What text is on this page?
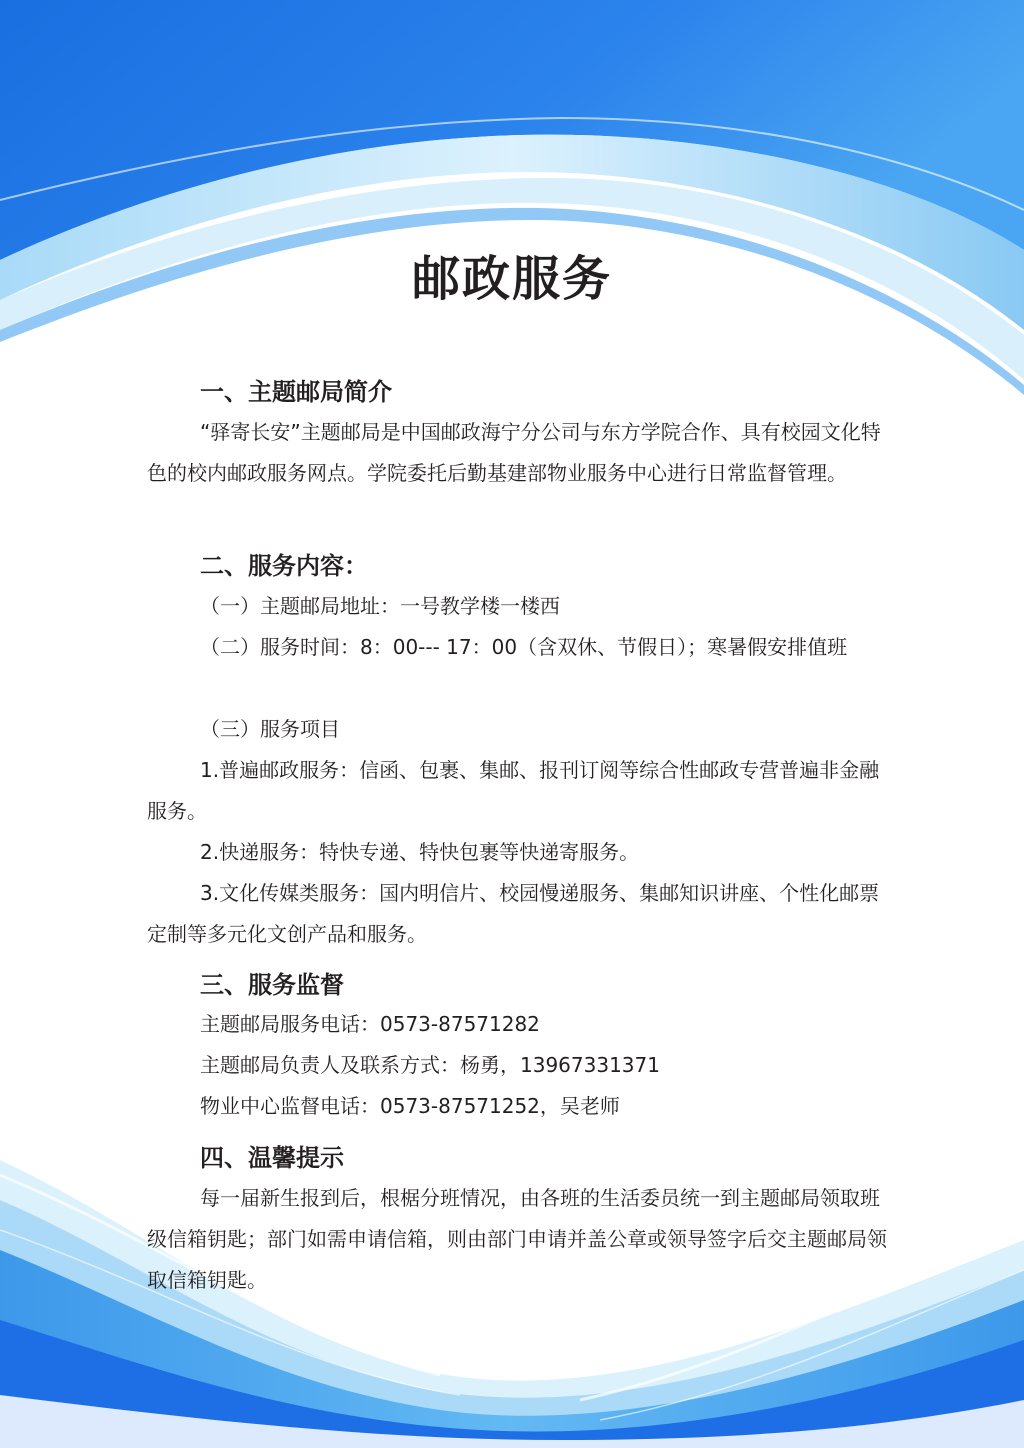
邮政服务
一、主题邮局简介

“驿寄长安”主题邮局是中国邮政海宁分公司与东方学院合作、具有校园文化特色的校内邮政服务网点。学院委托后勤基建部物业服务中心进行日常监督管理。

二、服务内容：
（一）主题邮局地址：一号教学楼一楼西

（二）服务时间：8：00--- 17：00（含双休、节假日）；寒暑假安排值班

（三）服务项目

1.普遍邮政服务：信函、包裹、集邮、报刊订阅等综合性邮政专营普遍非金融服务。

2.快递服务：特快专递、特快包裹等快递寄服务。

3.文化传媒类服务：国内明信片、校园慢递服务、集邮知识讲座、个性化邮票定制等多元化文创产品和服务。

三、服务监督
主题邮局服务电话：0573-87571282
主题邮局负责人及联系方式：杨勇，13967331371
物业中心监督电话：0573-87571252，吴老师
四、温馨提示

每一届新生报到后，根椐分班情况，由各班的生活委员统一到主题邮局领取班级信箱钥匙；部门如需申请信箱，则由部门申请并盖公章或领导签字后交主题邮局领取信箱钥匙。
